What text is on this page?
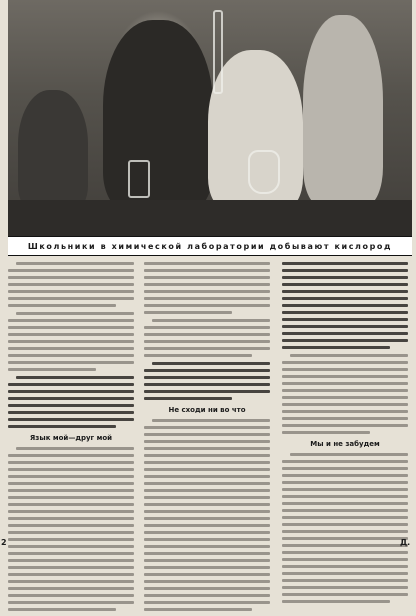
Школьники в химической лаборатории добывают кислород
Язык мой—друг мой
Не сходи ни во что
Мы и не забудем
2	Д.
